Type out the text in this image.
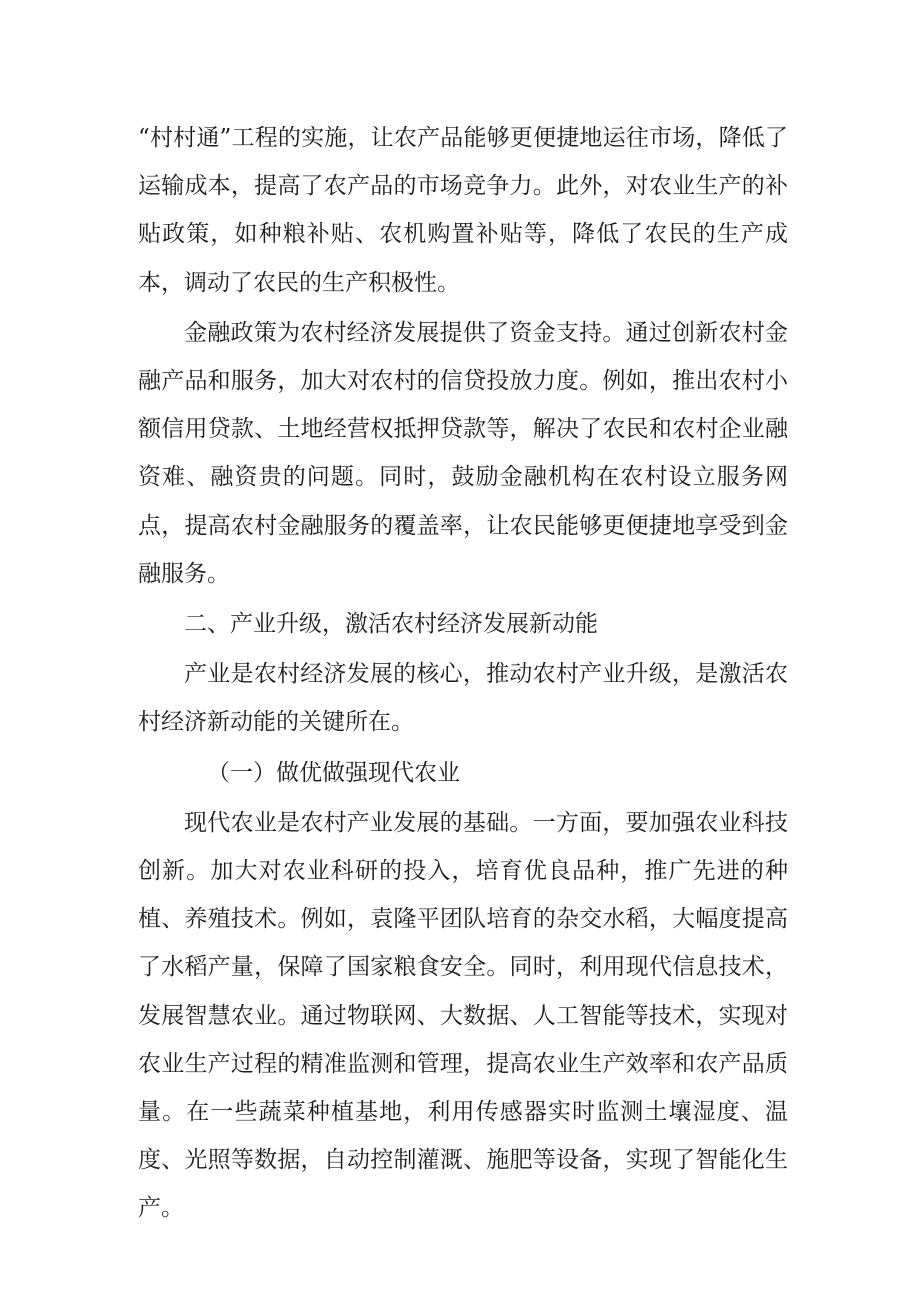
“村村通”工程的实施，让农产品能够更便捷地运往市场，降低了运输成本，提高了农产品的市场竞争力。此外，对农业生产的补贴政策，如种粮补贴、农机购置补贴等，降低了农民的生产成本，调动了农民的生产积极性。

金融政策为农村经济发展提供了资金支持。通过创新农村金融产品和服务，加大对农村的信贷投放力度。例如，推出农村小额信用贷款、土地经营权抵押贷款等，解决了农民和农村企业融资难、融资贵的问题。同时，鼓励金融机构在农村设立服务网点，提高农村金融服务的覆盖率，让农民能够更便捷地享受到金融服务。

二、产业升级，激活农村经济发展新动能

产业是农村经济发展的核心，推动农村产业升级，是激活农村经济新动能的关键所在。

（一）做优做强现代农业

现代农业是农村产业发展的基础。一方面，要加强农业科技创新。加大对农业科研的投入，培育优良品种，推广先进的种植、养殖技术。例如，袁隆平团队培育的杂交水稻，大幅度提高了水稻产量，保障了国家粮食安全。同时，利用现代信息技术，发展智慧农业。通过物联网、大数据、人工智能等技术，实现对农业生产过程的精准监测和管理，提高农业生产效率和农产品质量。在一些蔬菜种植基地，利用传感器实时监测土壤湿度、温度、光照等数据，自动控制灌溉、施肥等设备，实现了智能化生产。
